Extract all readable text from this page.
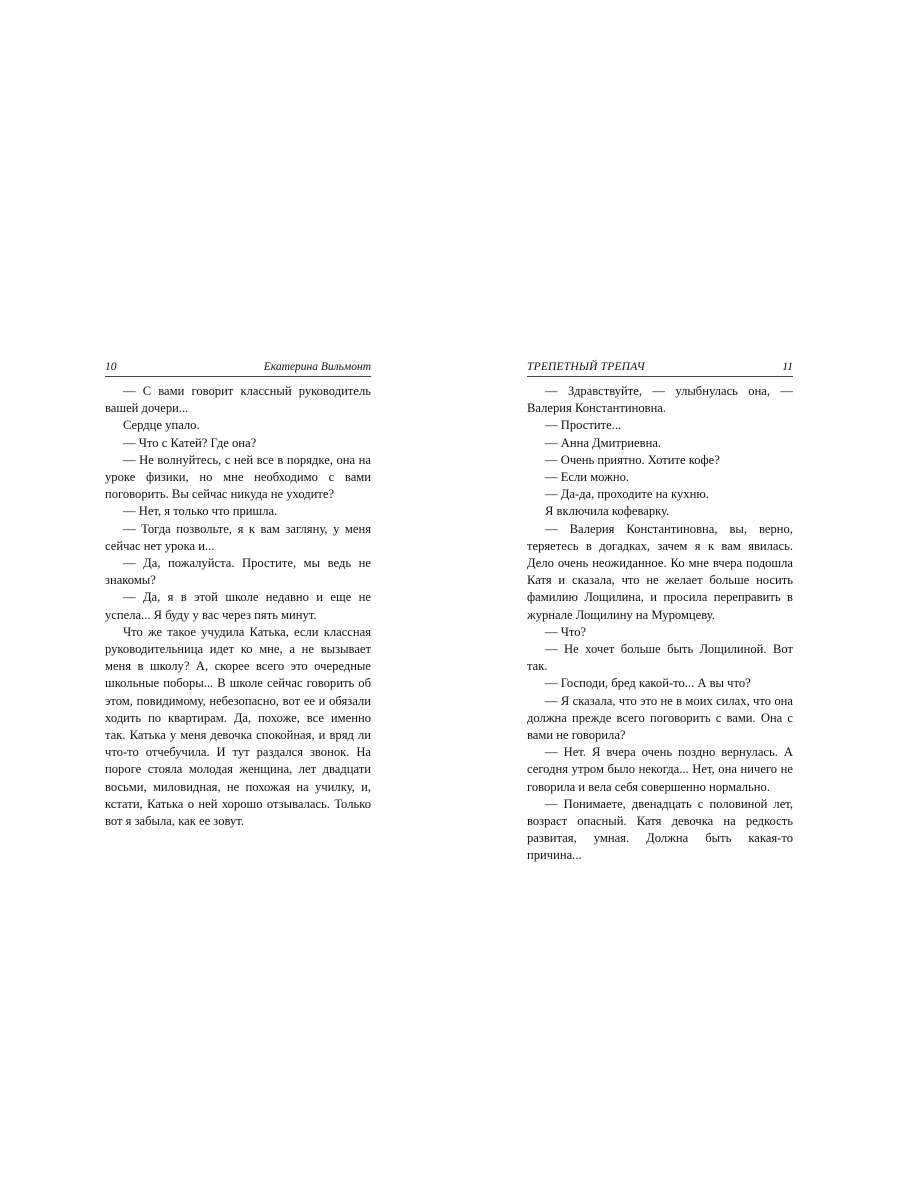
10	Екатерина Вильмонт

— С вами говорит классный руководитель вашей дочери...

Сердце упало.

— Что с Катей? Где она?

— Не волнуйтесь, с ней все в порядке, она на уроке физики, но мне необходимо с вами поговорить. Вы сейчас никуда не уходите?

— Нет, я только что пришла.

— Тогда позвольте, я к вам загляну, у меня сейчас нет урока и...

— Да, пожалуйста. Простите, мы ведь не знакомы?

— Да, я в этой школе недавно и еще не успела... Я буду у вас через пять минут.

Что же такое учудила Катька, если классная руководительница идет ко мне, а не вызывает меня в школу? А, скорее всего это очередные школьные поборы... В школе сейчас говорить об этом, повидимому, небезопасно, вот ее и обязали ходить по квартирам. Да, похоже, все именно так. Катька у меня девочка спокойная, и вряд ли что-то отчебучила. И тут раздался звонок. На пороге стояла молодая женщина, лет двадцати восьми, миловидная, не похожая на училку, и, кстати, Катька о ней хорошо отзывалась. Только вот я забыла, как ее зовут.

ТРЕПЕТНЫЙ ТРЕПАЧ	11

— Здравствуйте, — улыбнулась она, — Валерия Константиновна.

— Простите...

— Анна Дмитриевна.

— Очень приятно. Хотите кофе?

— Если можно.

— Да-да, проходите на кухню.

Я включила кофеварку.

— Валерия Константиновна, вы, верно, теряетесь в догадках, зачем я к вам явилась. Дело очень неожиданное. Ко мне вчера подошла Катя и сказала, что не желает больше носить фамилию Лощилина, и просила переправить в журнале Лощилину на Муромцеву.

— Что?

— Не хочет больше быть Лощилиной. Вот так.

— Господи, бред какой-то... А вы что?

— Я сказала, что это не в моих силах, что она должна прежде всего поговорить с вами. Она с вами не говорила?

— Нет. Я вчера очень поздно вернулась. А сегодня утром было некогда... Нет, она ничего не говорила и вела себя совершенно нормально.

— Понимаете, двенадцать с половиной лет, возраст опасный. Катя девочка на редкость развитая, умная. Должна быть какая-то причина...
